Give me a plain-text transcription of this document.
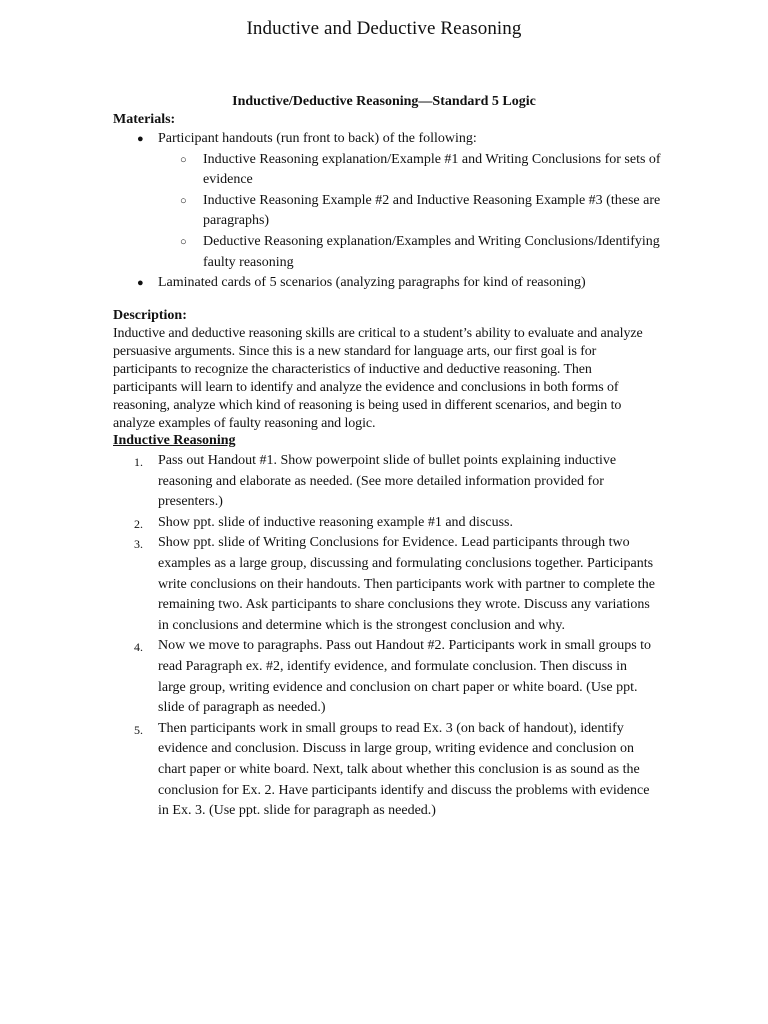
Inductive and Deductive Reasoning
Inductive/Deductive Reasoning—Standard 5 Logic
Materials:
● Participant handouts (run front to back) of the following:
○ Inductive Reasoning explanation/Example #1 and Writing Conclusions for sets of evidence
○ Inductive Reasoning Example #2 and Inductive Reasoning Example #3 (these are paragraphs)
○ Deductive Reasoning explanation/Examples and Writing Conclusions/Identifying faulty reasoning
● Laminated cards of 5 scenarios (analyzing paragraphs for kind of reasoning)
Description:
Inductive and deductive reasoning skills are critical to a student’s ability to evaluate and analyze persuasive arguments. Since this is a new standard for language arts, our first goal is for participants to recognize the characteristics of inductive and deductive reasoning. Then participants will learn to identify and analyze the evidence and conclusions in both forms of reasoning, analyze which kind of reasoning is being used in different scenarios, and begin to analyze examples of faulty reasoning and logic.
Inductive Reasoning
1. Pass out Handout #1. Show powerpoint slide of bullet points explaining inductive reasoning and elaborate as needed. (See more detailed information provided for presenters.)
2. Show ppt. slide of inductive reasoning example #1 and discuss.
3. Show ppt. slide of Writing Conclusions for Evidence. Lead participants through two examples as a large group, discussing and formulating conclusions together. Participants write conclusions on their handouts. Then participants work with partner to complete the remaining two. Ask participants to share conclusions they wrote. Discuss any variations in conclusions and determine which is the strongest conclusion and why.
4. Now we move to paragraphs. Pass out Handout #2. Participants work in small groups to read Paragraph ex. #2, identify evidence, and formulate conclusion. Then discuss in large group, writing evidence and conclusion on chart paper or white board. (Use ppt. slide of paragraph as needed.)
5. Then participants work in small groups to read Ex. 3 (on back of handout), identify evidence and conclusion. Discuss in large group, writing evidence and conclusion on chart paper or white board. Next, talk about whether this conclusion is as sound as the conclusion for Ex. 2. Have participants identify and discuss the problems with evidence in Ex. 3. (Use ppt. slide for paragraph as needed.)
